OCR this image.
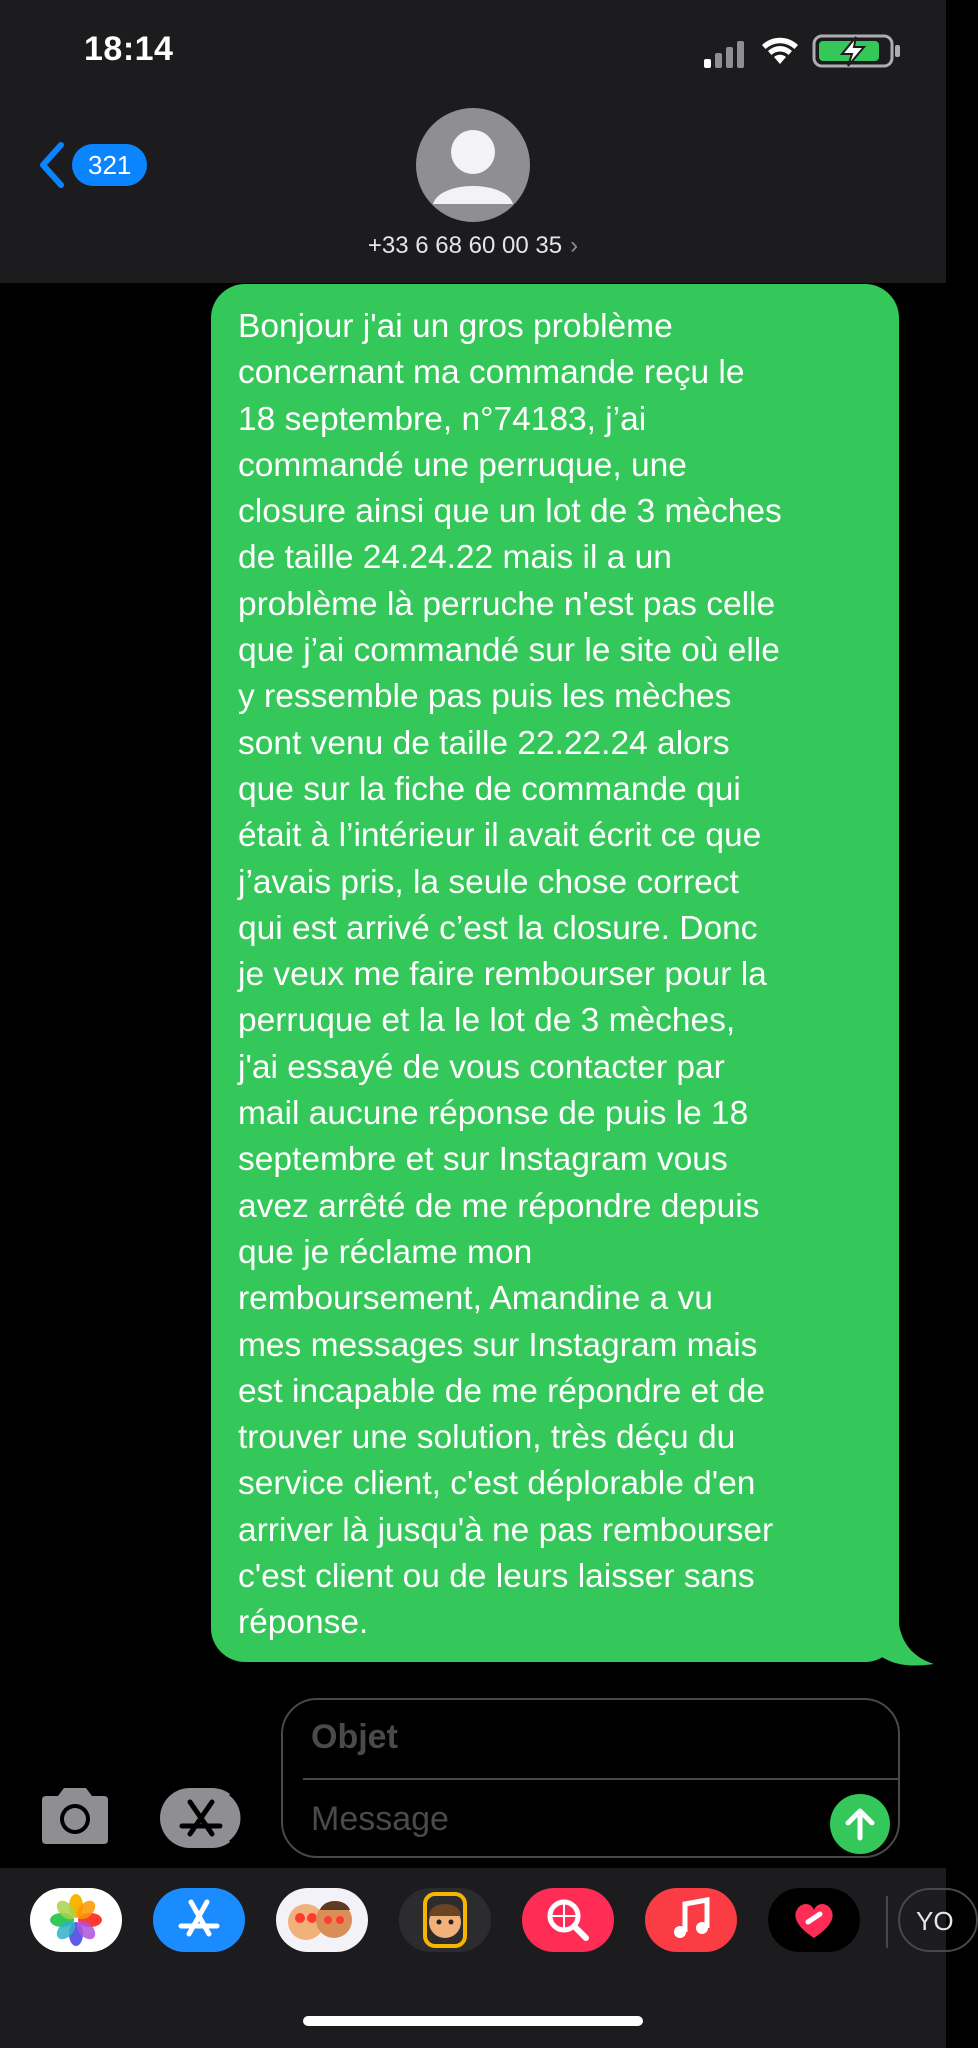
18:14
321
+33 6 68 60 00 35 ›
Bonjour j'ai un gros problème
concernant ma commande reçu le
18 septembre, n°74183, j’ai
commandé une perruque, une
closure ainsi que un lot de 3 mèches
de taille 24.24.22 mais il a un
problème là perruche n'est pas celle
que j’ai commandé sur le site où elle
y ressemble pas puis les mèches
sont venu de taille 22.22.24 alors
que sur la fiche de commande qui
était à l’intérieur il avait écrit ce que
j’avais pris, la seule chose correct
qui est arrivé c’est la closure. Donc
je veux me faire rembourser pour la
perruque et la le lot de 3 mèches,
j'ai essayé de vous contacter par
mail aucune réponse de puis le 18
septembre et sur Instagram vous
avez arrêté de me répondre depuis
que je réclame mon
remboursement, Amandine a vu
mes messages sur Instagram mais
est incapable de me répondre et de
trouver une solution, très déçu du
service client, c'est déplorable d'en
arriver là jusqu'à ne pas rembourser
c'est client ou de leurs laisser sans
réponse.
Objet
Message
YO
